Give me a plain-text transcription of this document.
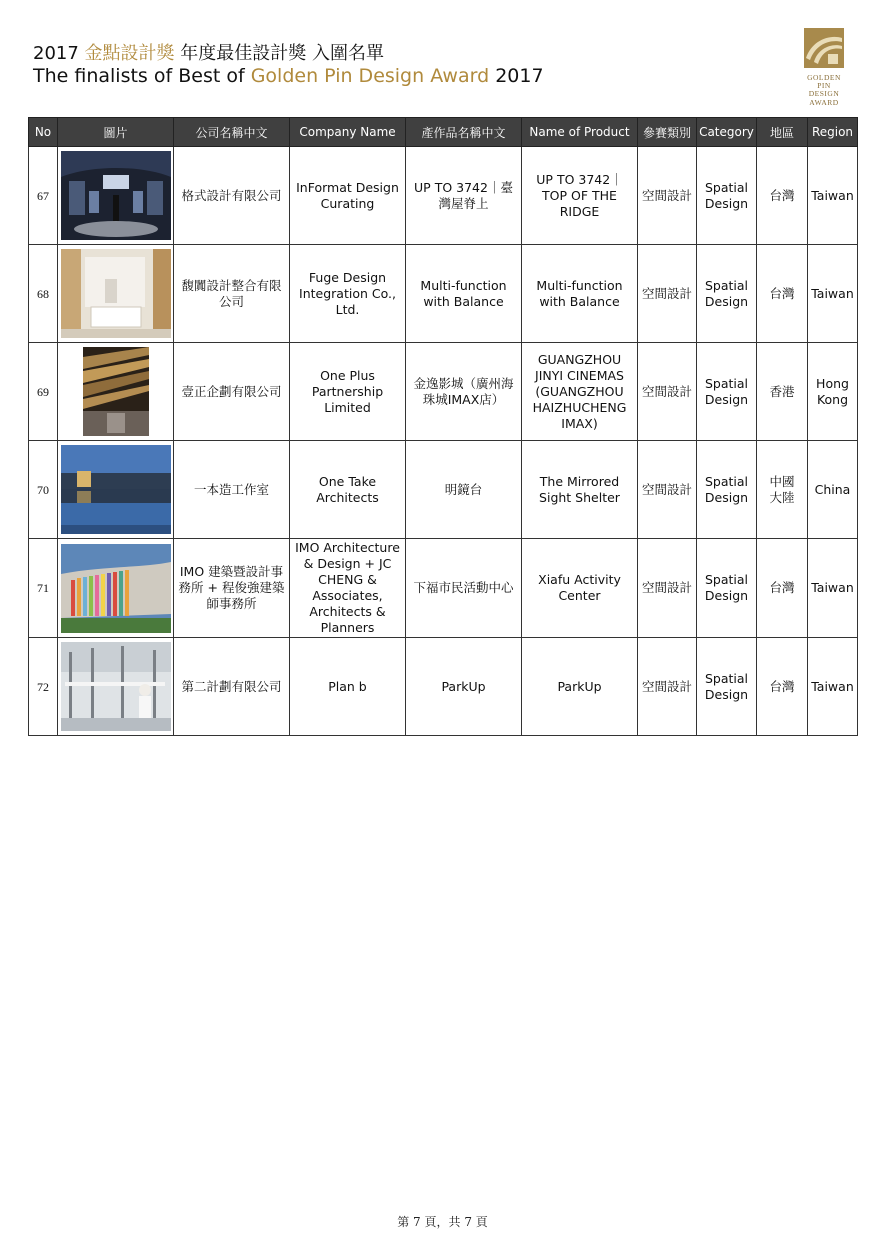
2017 金點設計獎 年度最佳設計獎 入圍名單
The finalists of Best of Golden Pin Design Award 2017	GOLDEN
PIN
DESIGN
AWARD
No	圖片	公司名稱中文	Company Name	產作品名稱中文	Name of Product	參賽類別	Category	地區	Region
67		格式設計有限公司	InFormat Design Curating	UP TO 3742｜臺灣屋脊上	UP TO 3742｜TOP OF THE RIDGE	空間設計	Spatial Design	台灣	Taiwan
68		馥闐設計整合有限公司	Fuge Design Integration Co., Ltd.	Multi-function with Balance	Multi-function with Balance	空間設計	Spatial Design	台灣	Taiwan
69		壹正企劃有限公司	One Plus Partnership Limited	金逸影城（廣州海珠城IMAX店）	GUANGZHOU JINYI CINEMAS (GUANGZHOU HAIZHUCHENG IMAX)	空間設計	Spatial Design	香港	Hong Kong
70		一本造工作室	One Take Architects	明鏡台	The Mirrored Sight Shelter	空間設計	Spatial Design	中國大陸	China
71		IMO 建築暨設計事務所 + 程俊強建築師事務所	IMO Architecture & Design + JC CHENG & Associates, Architects & Planners	下福市民活動中心	Xiafu Activity Center	空間設計	Spatial Design	台灣	Taiwan
72		第二計劃有限公司	Plan b	ParkUp	ParkUp	空間設計	Spatial Design	台灣	Taiwan
第 7 頁，共 7 頁
